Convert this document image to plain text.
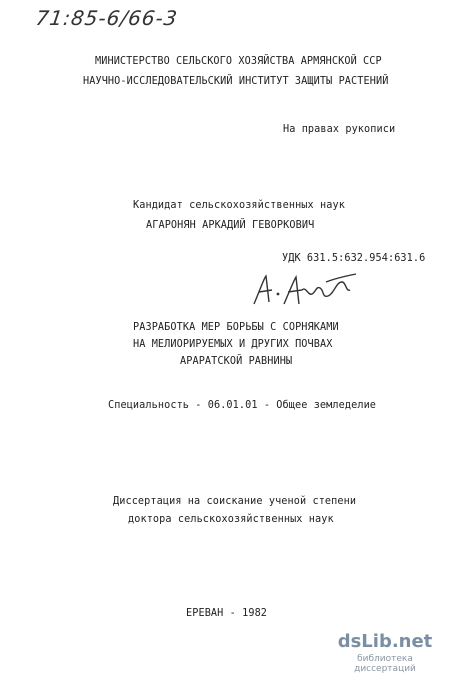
71:85-6/66-3
МИНИСТЕРСТВО СЕЛЬСКОГО ХОЗЯЙСТВА АРМЯНСКОЙ ССР
НАУЧНО-ИССЛЕДОВАТЕЛЬСКИЙ ИНСТИТУТ ЗАЩИТЫ РАСТЕНИЙ
На правах рукописи
Кандидат сельскохозяйственных наук
АГАРОНЯН АРКАДИЙ ГЕВОРКОВИЧ
УДК 631.5:632.954:631.6
РАЗРАБОТКА МЕР БОРЬБЫ С СОРНЯКАМИ
НА МЕЛИОРИРУЕМЫХ И ДРУГИХ ПОЧВАХ
АРАРАТСКОЙ РАВНИНЫ
Специальность - 06.01.01 - Общее земледелие
Диссертация на соискание ученой степени
доктора сельскохозяйственных наук
ЕРЕВАН - 1982
dsLib.net
библиотека диссертаций
